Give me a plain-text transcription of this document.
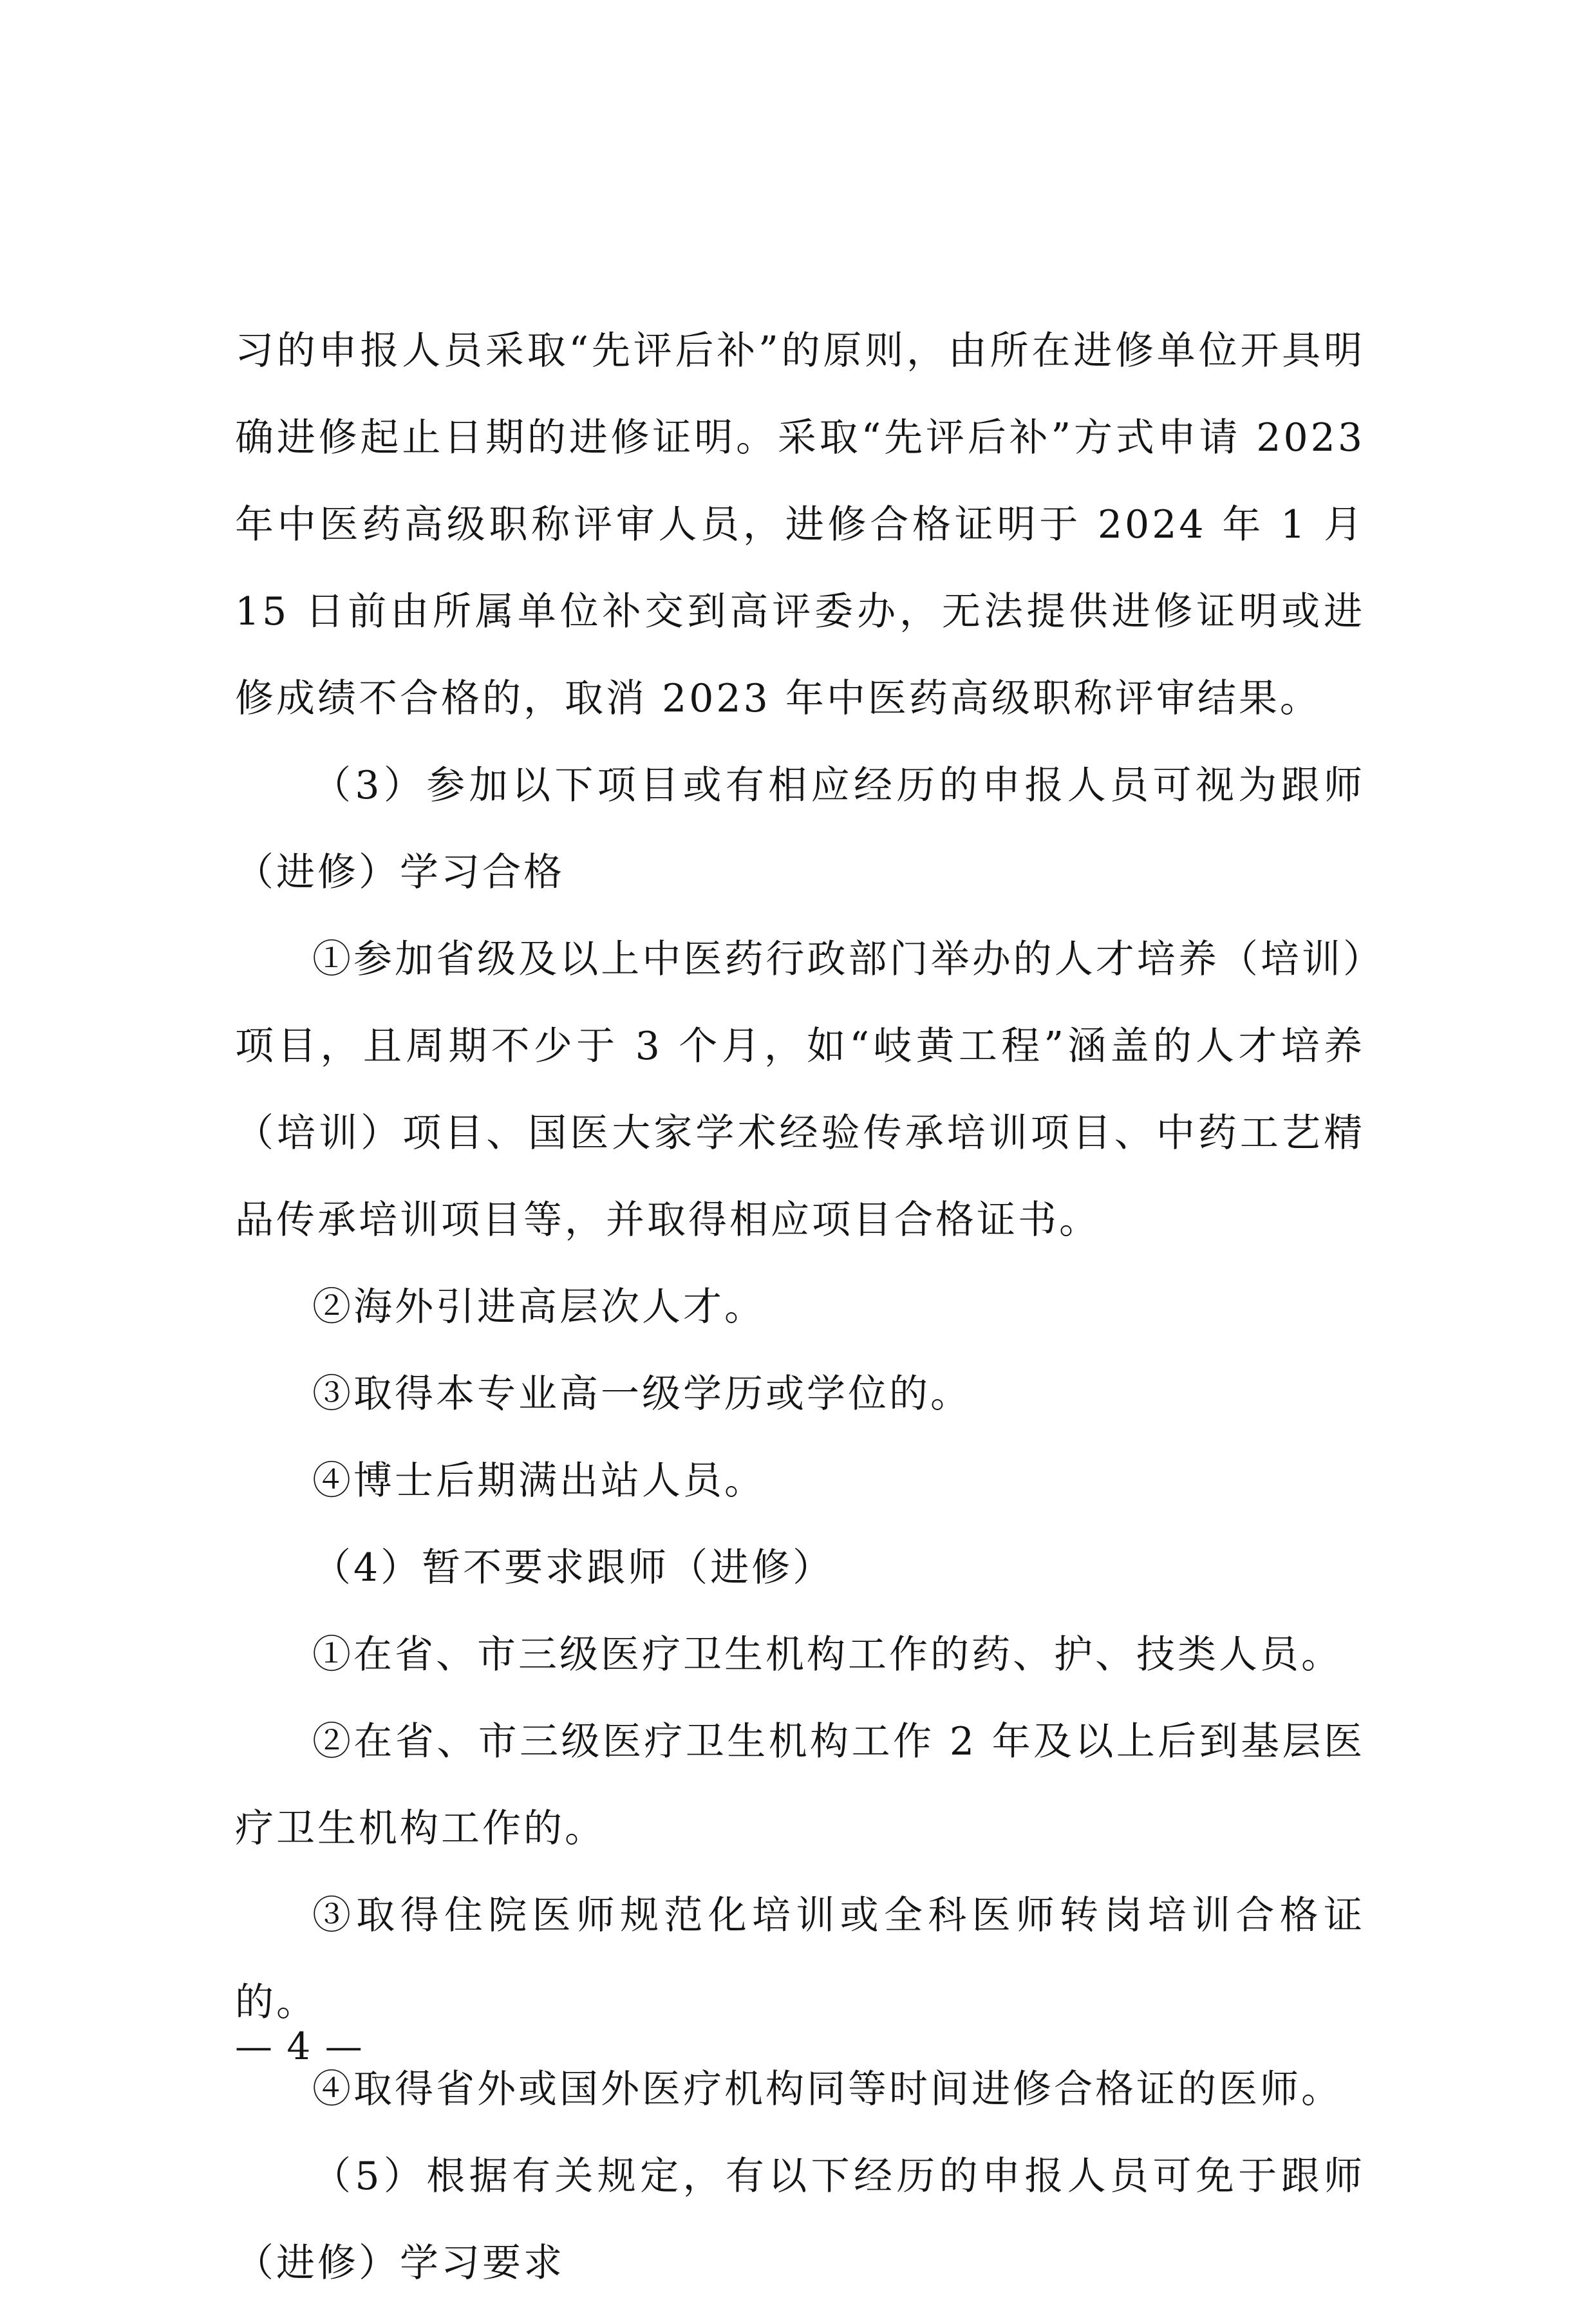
习的申报人员采取“先评后补”的原则，由所在进修单位开具明确进修起止日期的进修证明。采取“先评后补”方式申请 2023 年中医药高级职称评审人员，进修合格证明于 2024 年 1 月 15 日前由所属单位补交到高评委办，无法提供进修证明或进修成绩不合格的，取消 2023 年中医药高级职称评审结果。

（3）参加以下项目或有相应经历的申报人员可视为跟师（进修）学习合格

①参加省级及以上中医药行政部门举办的人才培养（培训）项目，且周期不少于 3 个月，如“岐黄工程”涵盖的人才培养（培训）项目、国医大家学术经验传承培训项目、中药工艺精品传承培训项目等，并取得相应项目合格证书。

②海外引进高层次人才。

③取得本专业高一级学历或学位的。

④博士后期满出站人员。

（4）暂不要求跟师（进修）

①在省、市三级医疗卫生机构工作的药、护、技类人员。

②在省、市三级医疗卫生机构工作 2 年及以上后到基层医疗卫生机构工作的。

③取得住院医师规范化培训或全科医师转岗培训合格证的。

④取得省外或国外医疗机构同等时间进修合格证的医师。

（5）根据有关规定，有以下经历的申报人员可免于跟师（进修）学习要求

— 4 —
